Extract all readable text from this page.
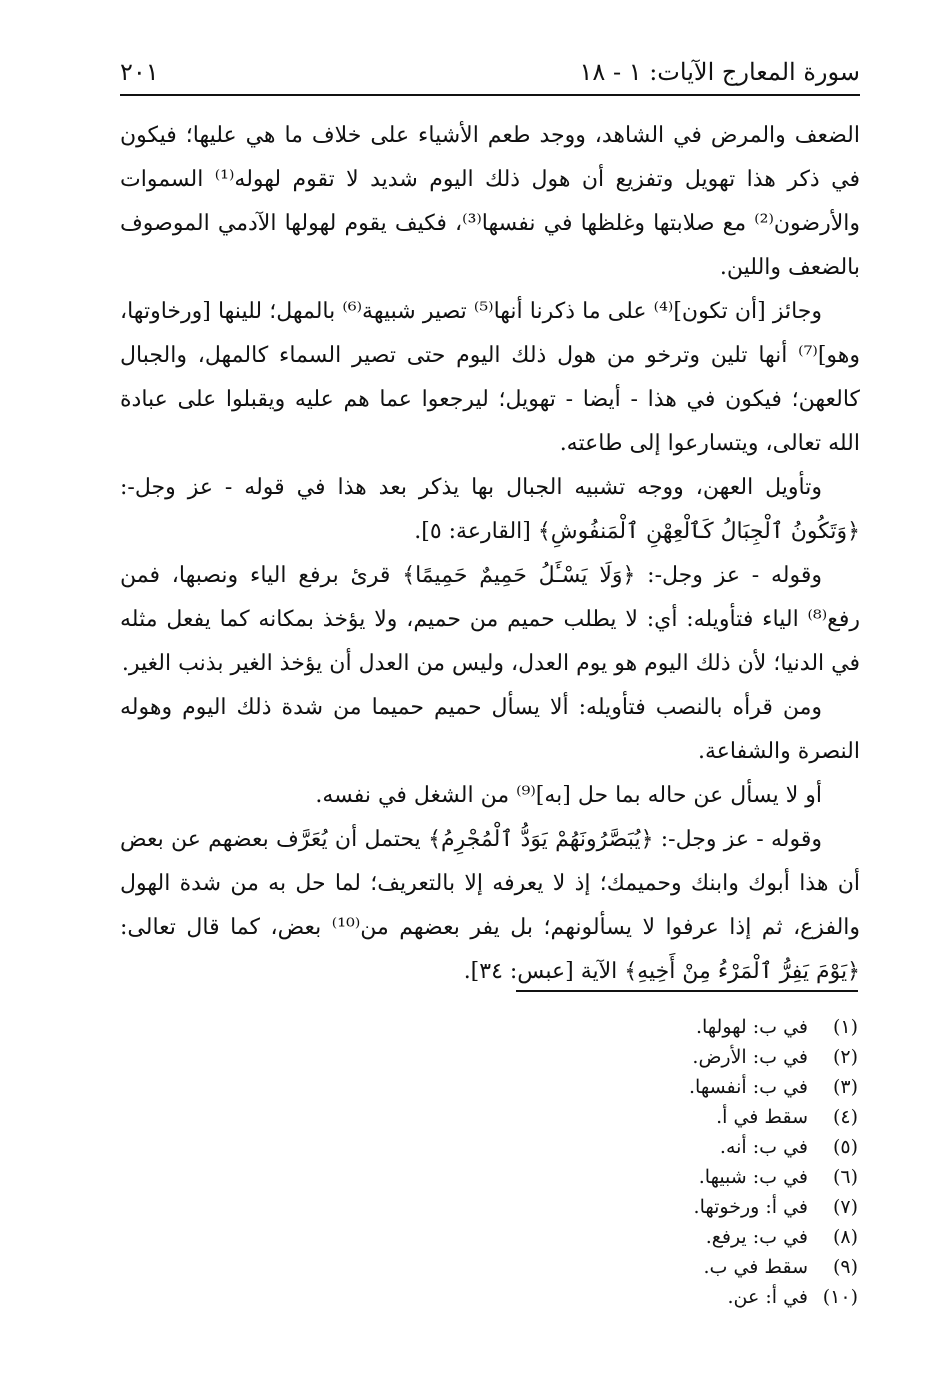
سورة المعارج الآيات: ١ - ١٨
٢٠١

الضعف والمرض في الشاهد، ووجد طعم الأشياء على خلاف ما هي عليها؛ فيكون في ذكر هذا تهويل وتفزيع أن هول ذلك اليوم شديد لا تقوم لهوله⁽¹⁾ السموات والأرضون⁽²⁾ مع صلابتها وغلظها في نفسها⁽³⁾، فكيف يقوم لهولها الآدمي الموصوف بالضعف واللين.

وجائز [أن تكون]⁽⁴⁾ على ما ذكرنا أنها⁽⁵⁾ تصير شبيهة⁽⁶⁾ بالمهل؛ للينها [ورخاوتها، وهو]⁽⁷⁾ أنها تلين وترخو من هول ذلك اليوم حتى تصير السماء كالمهل، والجبال كالعهن؛ فيكون في هذا - أيضا - تهويل؛ ليرجعوا عما هم عليه ويقبلوا على عبادة الله تعالى، ويتسارعوا إلى طاعته.

وتأويل العهن، ووجه تشبيه الجبال بها يذكر بعد هذا في قوله - عز وجل-: ﴿وَتَكُونُ ٱلْجِبَالُ كَٱلْعِهْنِ ٱلْمَنفُوشِ﴾ [القارعة: ٥].

وقوله - عز وجل-: ﴿وَلَا يَسْـَٔلُ حَمِيمٌ حَمِيمًا﴾ قرئ برفع الياء ونصبها، فمن رفع⁽⁸⁾ الياء فتأويله: أي: لا يطلب حميم من حميم، ولا يؤخذ بمكانه كما يفعل مثله في الدنيا؛ لأن ذلك اليوم هو يوم العدل، وليس من العدل أن يؤخذ الغير بذنب الغير.

ومن قرأه بالنصب فتأويله: ألا يسأل حميم حميما من شدة ذلك اليوم وهوله النصرة والشفاعة.

أو لا يسأل عن حاله بما حل [به]⁽⁹⁾ من الشغل في نفسه.

وقوله - عز وجل-: ﴿يُبَصَّرُونَهُمْ يَوَدُّ ٱلْمُجْرِمُ﴾ يحتمل أن يُعَرَّف بعضهم عن بعض أن هذا أبوك وابنك وحميمك؛ إذ لا يعرفه إلا بالتعريف؛ لما حل به من شدة الهول والفزع، ثم إذا عرفوا لا يسألونهم؛ بل يفر بعضهم من⁽¹⁰⁾ بعض، كما قال تعالى: ﴿يَوْمَ يَفِرُّ ٱلْمَرْءُ مِنْ أَخِيهِ﴾ الآية [عبس: ٣٤].

(١)
في ب: لهولها.
(٢)
في ب: الأرض.
(٣)
في ب: أنفسها.
(٤)
سقط في أ.
(٥)
في ب: أنه.
(٦)
في ب: شبيها.
(٧)
في أ: ورخوتها.
(٨)
في ب: يرفع.
(٩)
سقط في ب.
(١٠)
في أ: عن.
